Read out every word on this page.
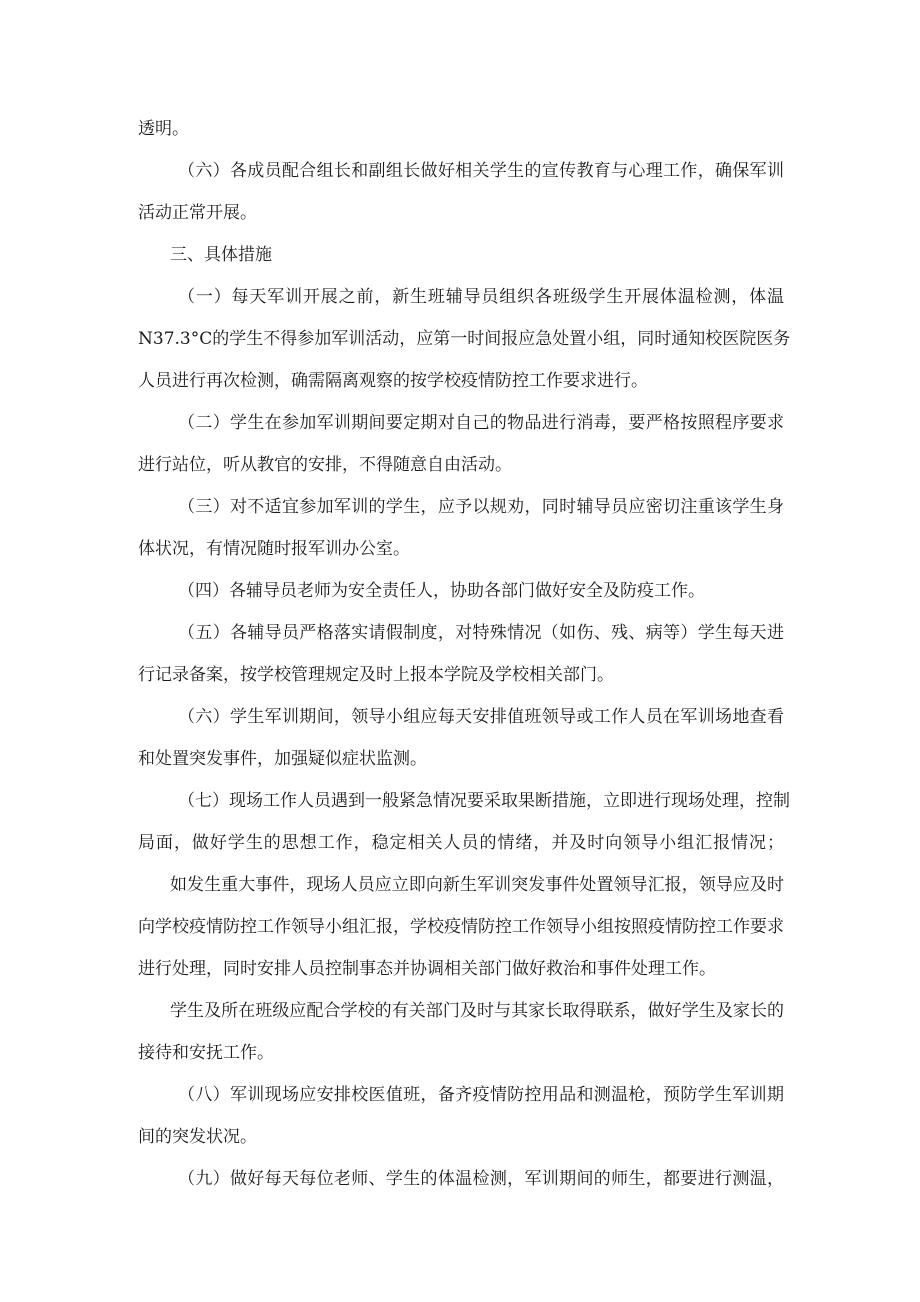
透明。
（六）各成员配合组长和副组长做好相关学生的宣传教育与心理工作，确保军训
活动正常开展。
三、具体措施
（一）每天军训开展之前，新生班辅导员组织各班级学生开展体温检测，体温
N37.3°C的学生不得参加军训活动，应第一时间报应急处置小组，同时通知校医院医务
人员进行再次检测，确需隔离观察的按学校疫情防控工作要求进行。
（二）学生在参加军训期间要定期对自己的物品进行消毒，要严格按照程序要求
进行站位，听从教官的安排，不得随意自由活动。
（三）对不适宜参加军训的学生，应予以规劝，同时辅导员应密切注重该学生身
体状况，有情况随时报军训办公室。
（四）各辅导员老师为安全责任人，协助各部门做好安全及防疫工作。
（五）各辅导员严格落实请假制度，对特殊情况（如伤、残、病等）学生每天进
行记录备案，按学校管理规定及时上报本学院及学校相关部门。
（六）学生军训期间，领导小组应每天安排值班领导或工作人员在军训场地查看
和处置突发事件，加强疑似症状监测。
（七）现场工作人员遇到一般紧急情况要采取果断措施，立即进行现场处理，控制
局面，做好学生的思想工作，稳定相关人员的情绪，并及时向领导小组汇报情况；
如发生重大事件，现场人员应立即向新生军训突发事件处置领导汇报，领导应及时
向学校疫情防控工作领导小组汇报，学校疫情防控工作领导小组按照疫情防控工作要求
进行处理，同时安排人员控制事态并协调相关部门做好救治和事件处理工作。
学生及所在班级应配合学校的有关部门及时与其家长取得联系，做好学生及家长的
接待和安抚工作。
（八）军训现场应安排校医值班，备齐疫情防控用品和测温枪，预防学生军训期
间的突发状况。
（九）做好每天每位老师、学生的体温检测，军训期间的师生，都要进行测温，
